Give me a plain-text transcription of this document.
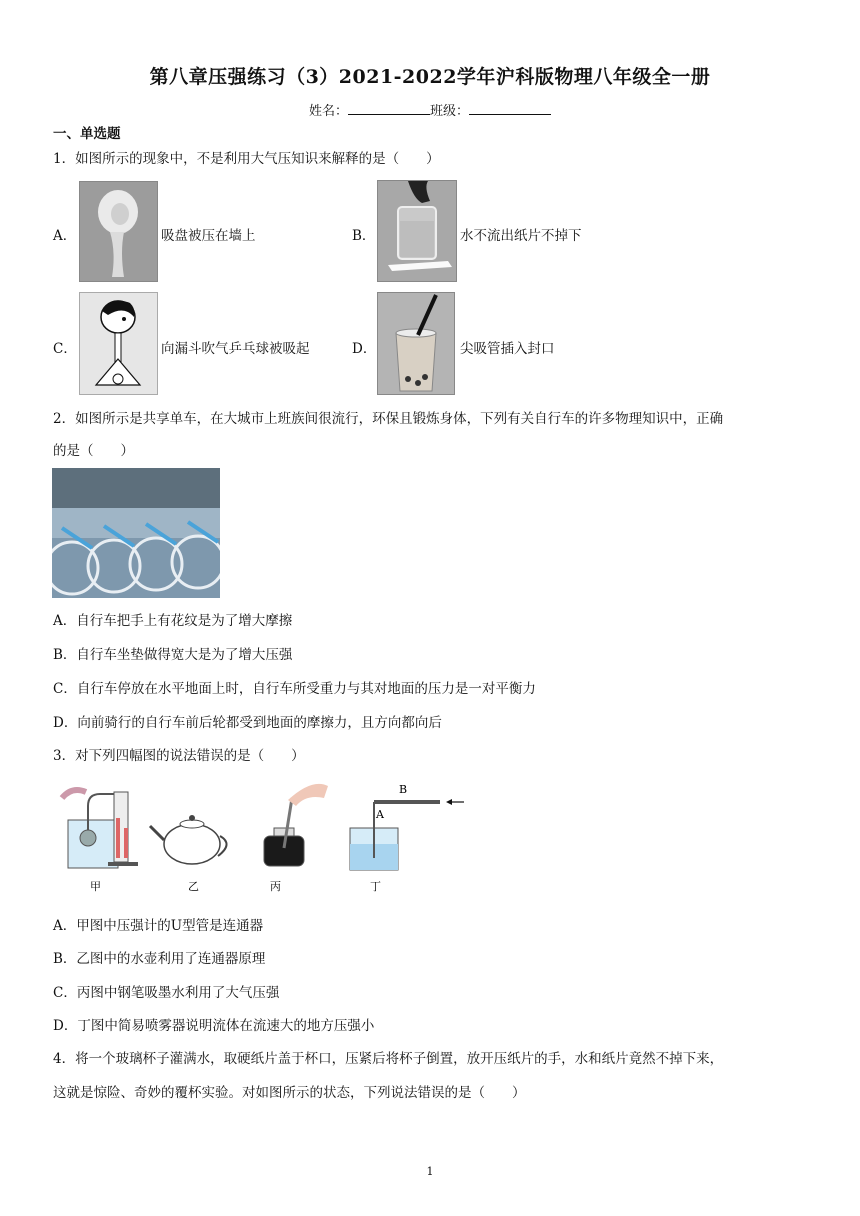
第八章压强练习（3）2021-2022学年沪科版物理八年级全一册
姓名：	班级：
一、单选题
1．如图所示的现象中，不是利用大气压知识来解释的是（　　）
A．	吸盘被压在墙上	B．	水不流出纸片不掉下
C．	向漏斗吹气乒乓球被吸起	D．	尖吸管插入封口
2．如图所示是共享单车，在大城市上班族间很流行，环保且锻炼身体，下列有关自行车的许多物理知识中，正确
的是（　　）
A．自行车把手上有花纹是为了增大摩擦
B．自行车坐垫做得宽大是为了增大压强
C．自行车停放在水平地面上时，自行车所受重力与其对地面的压力是一对平衡力
D．向前骑行的自行车前后轮都受到地面的摩擦力，且方向都向后
3．对下列四幅图的说法错误的是（　　）
A
B
甲	乙	丙	丁
A．甲图中压强计的U型管是连通器
B．乙图中的水壶利用了连通器原理
C．丙图中钢笔吸墨水利用了大气压强
D．丁图中简易喷雾器说明流体在流速大的地方压强小
4．将一个玻璃杯子灌满水，取硬纸片盖于杯口，压紧后将杯子倒置，放开压纸片的手，水和纸片竟然不掉下来，
这就是惊险、奇妙的覆杯实验。对如图所示的状态，下列说法错误的是（　　）
1
